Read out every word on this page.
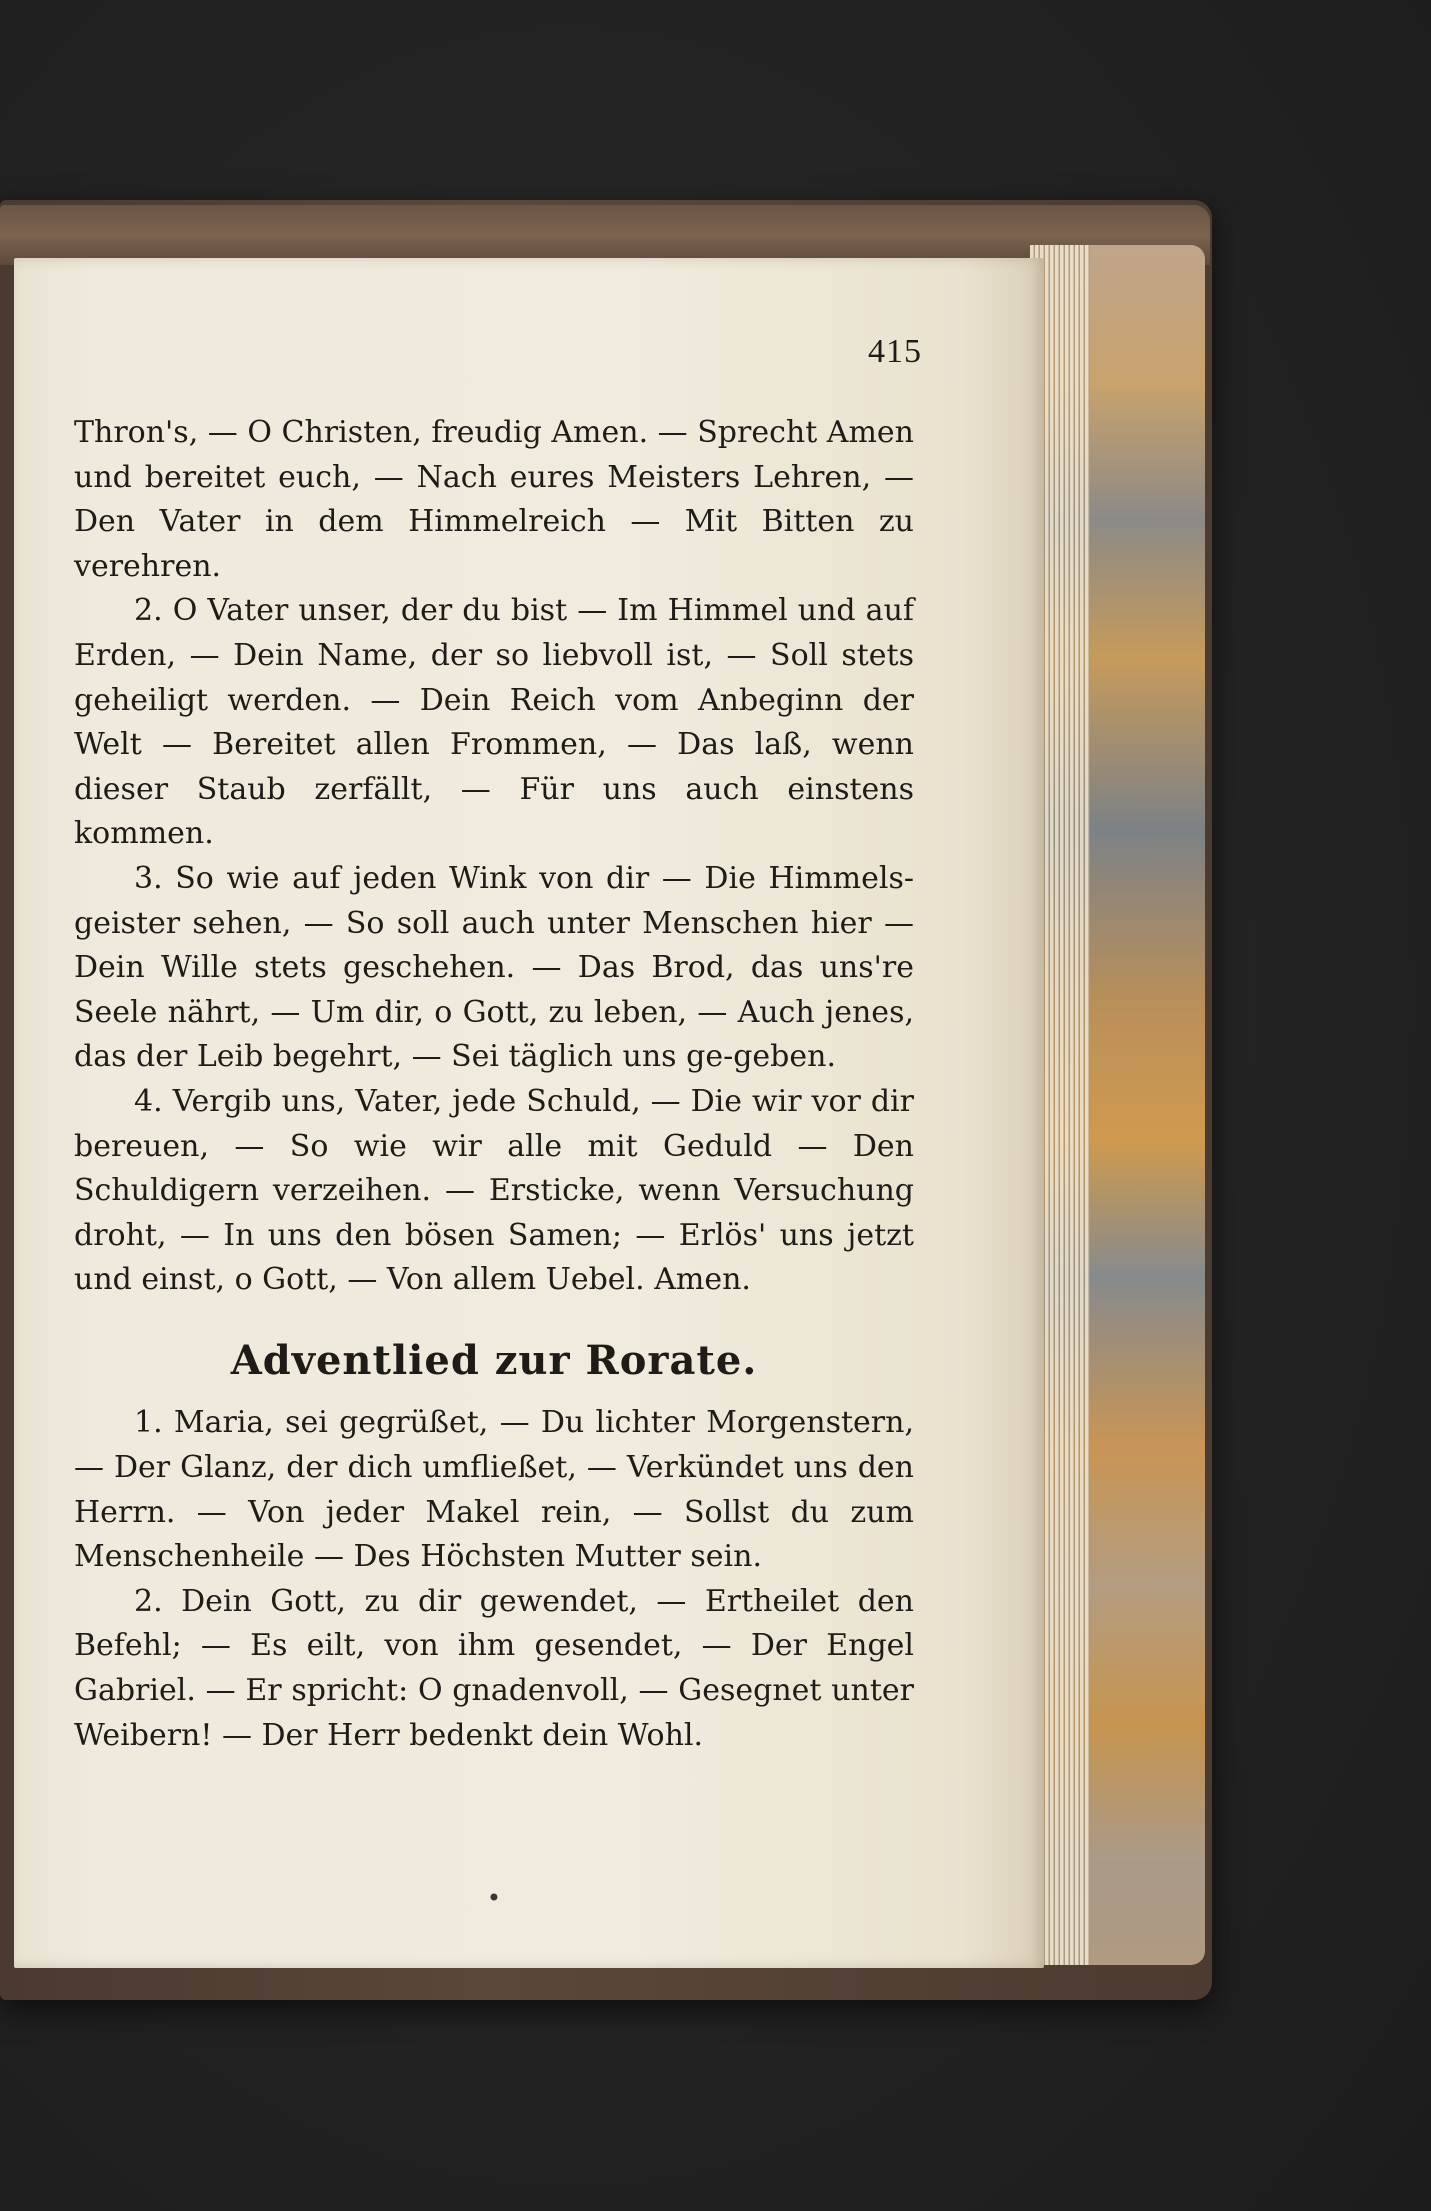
415

Thron's, — O Christen, freudig Amen. — Sprecht Amen und bereitet euch, — Nach eures Meisters Lehren, — Den Vater in dem Himmelreich — Mit Bitten zu verehren.

2. O Vater unser, der du bist — Im Himmel und auf Erden, — Dein Name, der so liebvoll ist, — Soll stets geheiligt werden. — Dein Reich vom Anbeginn der Welt — Bereitet allen Frommen, — Das laß, wenn dieser Staub zerfällt, — Für uns auch einstens kommen.

3. So wie auf jeden Wink von dir — Die Himmels-geister sehen, — So soll auch unter Menschen hier — Dein Wille stets geschehen. — Das Brod, das uns're Seele nährt, — Um dir, o Gott, zu leben, — Auch jenes, das der Leib begehrt, — Sei täglich uns ge-geben.

4. Vergib uns, Vater, jede Schuld, — Die wir vor dir bereuen, — So wie wir alle mit Geduld — Den Schuldigern verzeihen. — Ersticke, wenn Versuchung droht, — In uns den bösen Samen; — Erlös' uns jetzt und einst, o Gott, — Von allem Uebel. Amen.

Adventlied zur Rorate.

1. Maria, sei gegrüßet, — Du lichter Morgenstern, — Der Glanz, der dich umfließet, — Verkündet uns den Herrn. — Von jeder Makel rein, — Sollst du zum Menschenheile — Des Höchsten Mutter sein.

2. Dein Gott, zu dir gewendet, — Ertheilet den Befehl; — Es eilt, von ihm gesendet, — Der Engel Gabriel. — Er spricht: O gnadenvoll, — Gesegnet unter Weibern! — Der Herr bedenkt dein Wohl.

•
